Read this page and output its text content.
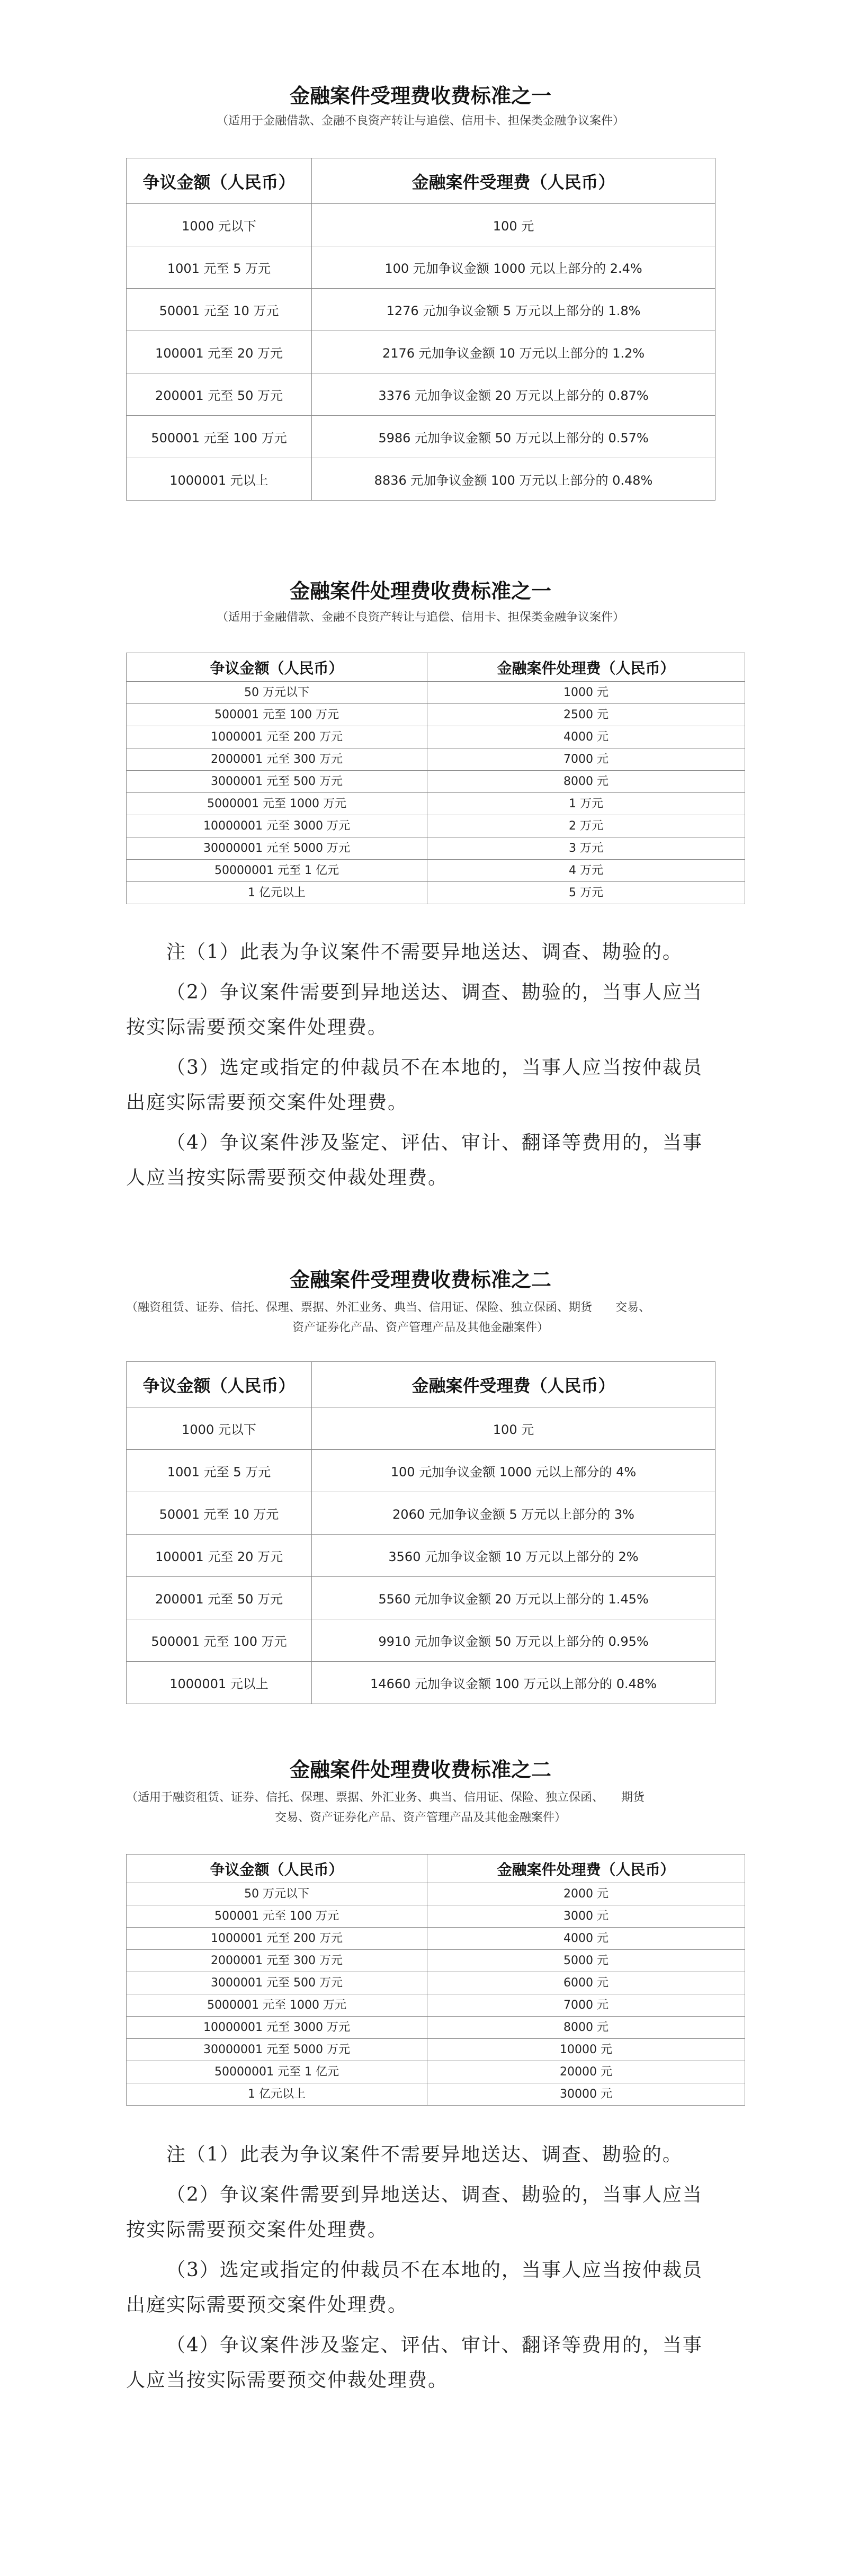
金融案件受理费收费标准之一
（适用于金融借款、金融不良资产转让与追偿、信用卡、担保类金融争议案件）
争议金额（人民币）	金融案件受理费（人民币）
1000 元以下	100 元
1001 元至 5 万元	100 元加争议金额 1000 元以上部分的 2.4%
50001 元至 10 万元	1276 元加争议金额 5 万元以上部分的 1.8%
100001 元至 20 万元	2176 元加争议金额 10 万元以上部分的 1.2%
200001 元至 50 万元	3376 元加争议金额 20 万元以上部分的 0.87%
500001 元至 100 万元	5986 元加争议金额 50 万元以上部分的 0.57%
1000001 元以上	8836 元加争议金额 100 万元以上部分的 0.48%
金融案件处理费收费标准之一
（适用于金融借款、金融不良资产转让与追偿、信用卡、担保类金融争议案件）
争议金额（人民币）	金融案件处理费（人民币）
50 万元以下	1000 元
500001 元至 100 万元	2500 元
1000001 元至 200 万元	4000 元
2000001 元至 300 万元	7000 元
3000001 元至 500 万元	8000 元
5000001 元至 1000 万元	1 万元
10000001 元至 3000 万元	2 万元
30000001 元至 5000 万元	3 万元
50000001 元至 1 亿元	4 万元
1 亿元以上	5 万元

注（1）此表为争议案件不需要异地送达、调查、勘验的。

（2）争议案件需要到异地送达、调查、勘验的，当事人应当按实际需要预交案件处理费。

（3）选定或指定的仲裁员不在本地的，当事人应当按仲裁员出庭实际需要预交案件处理费。

（4）争议案件涉及鉴定、评估、审计、翻译等费用的，当事人应当按实际需要预交仲裁处理费。

金融案件受理费收费标准之二
（融资租赁、证券、信托、保理、票据、外汇业务、典当、信用证、保险、独立保函、期货　　交易、
资产证券化产品、资产管理产品及其他金融案件）
争议金额（人民币）	金融案件受理费（人民币）
1000 元以下	100 元
1001 元至 5 万元	100 元加争议金额 1000 元以上部分的 4%
50001 元至 10 万元	2060 元加争议金额 5 万元以上部分的 3%
100001 元至 20 万元	3560 元加争议金额 10 万元以上部分的 2%
200001 元至 50 万元	5560 元加争议金额 20 万元以上部分的 1.45%
500001 元至 100 万元	9910 元加争议金额 50 万元以上部分的 0.95%
1000001 元以上	14660 元加争议金额 100 万元以上部分的 0.48%
金融案件处理费收费标准之二
（适用于融资租赁、证券、信托、保理、票据、外汇业务、典当、信用证、保险、独立保函、　　期货
交易、资产证券化产品、资产管理产品及其他金融案件）
争议金额（人民币）	金融案件处理费（人民币）
50 万元以下	2000 元
500001 元至 100 万元	3000 元
1000001 元至 200 万元	4000 元
2000001 元至 300 万元	5000 元
3000001 元至 500 万元	6000 元
5000001 元至 1000 万元	7000 元
10000001 元至 3000 万元	8000 元
30000001 元至 5000 万元	10000 元
50000001 元至 1 亿元	20000 元
1 亿元以上	30000 元

注（1）此表为争议案件不需要异地送达、调查、勘验的。

（2）争议案件需要到异地送达、调查、勘验的，当事人应当按实际需要预交案件处理费。

（3）选定或指定的仲裁员不在本地的，当事人应当按仲裁员出庭实际需要预交案件处理费。

（4）争议案件涉及鉴定、评估、审计、翻译等费用的，当事人应当按实际需要预交仲裁处理费。
